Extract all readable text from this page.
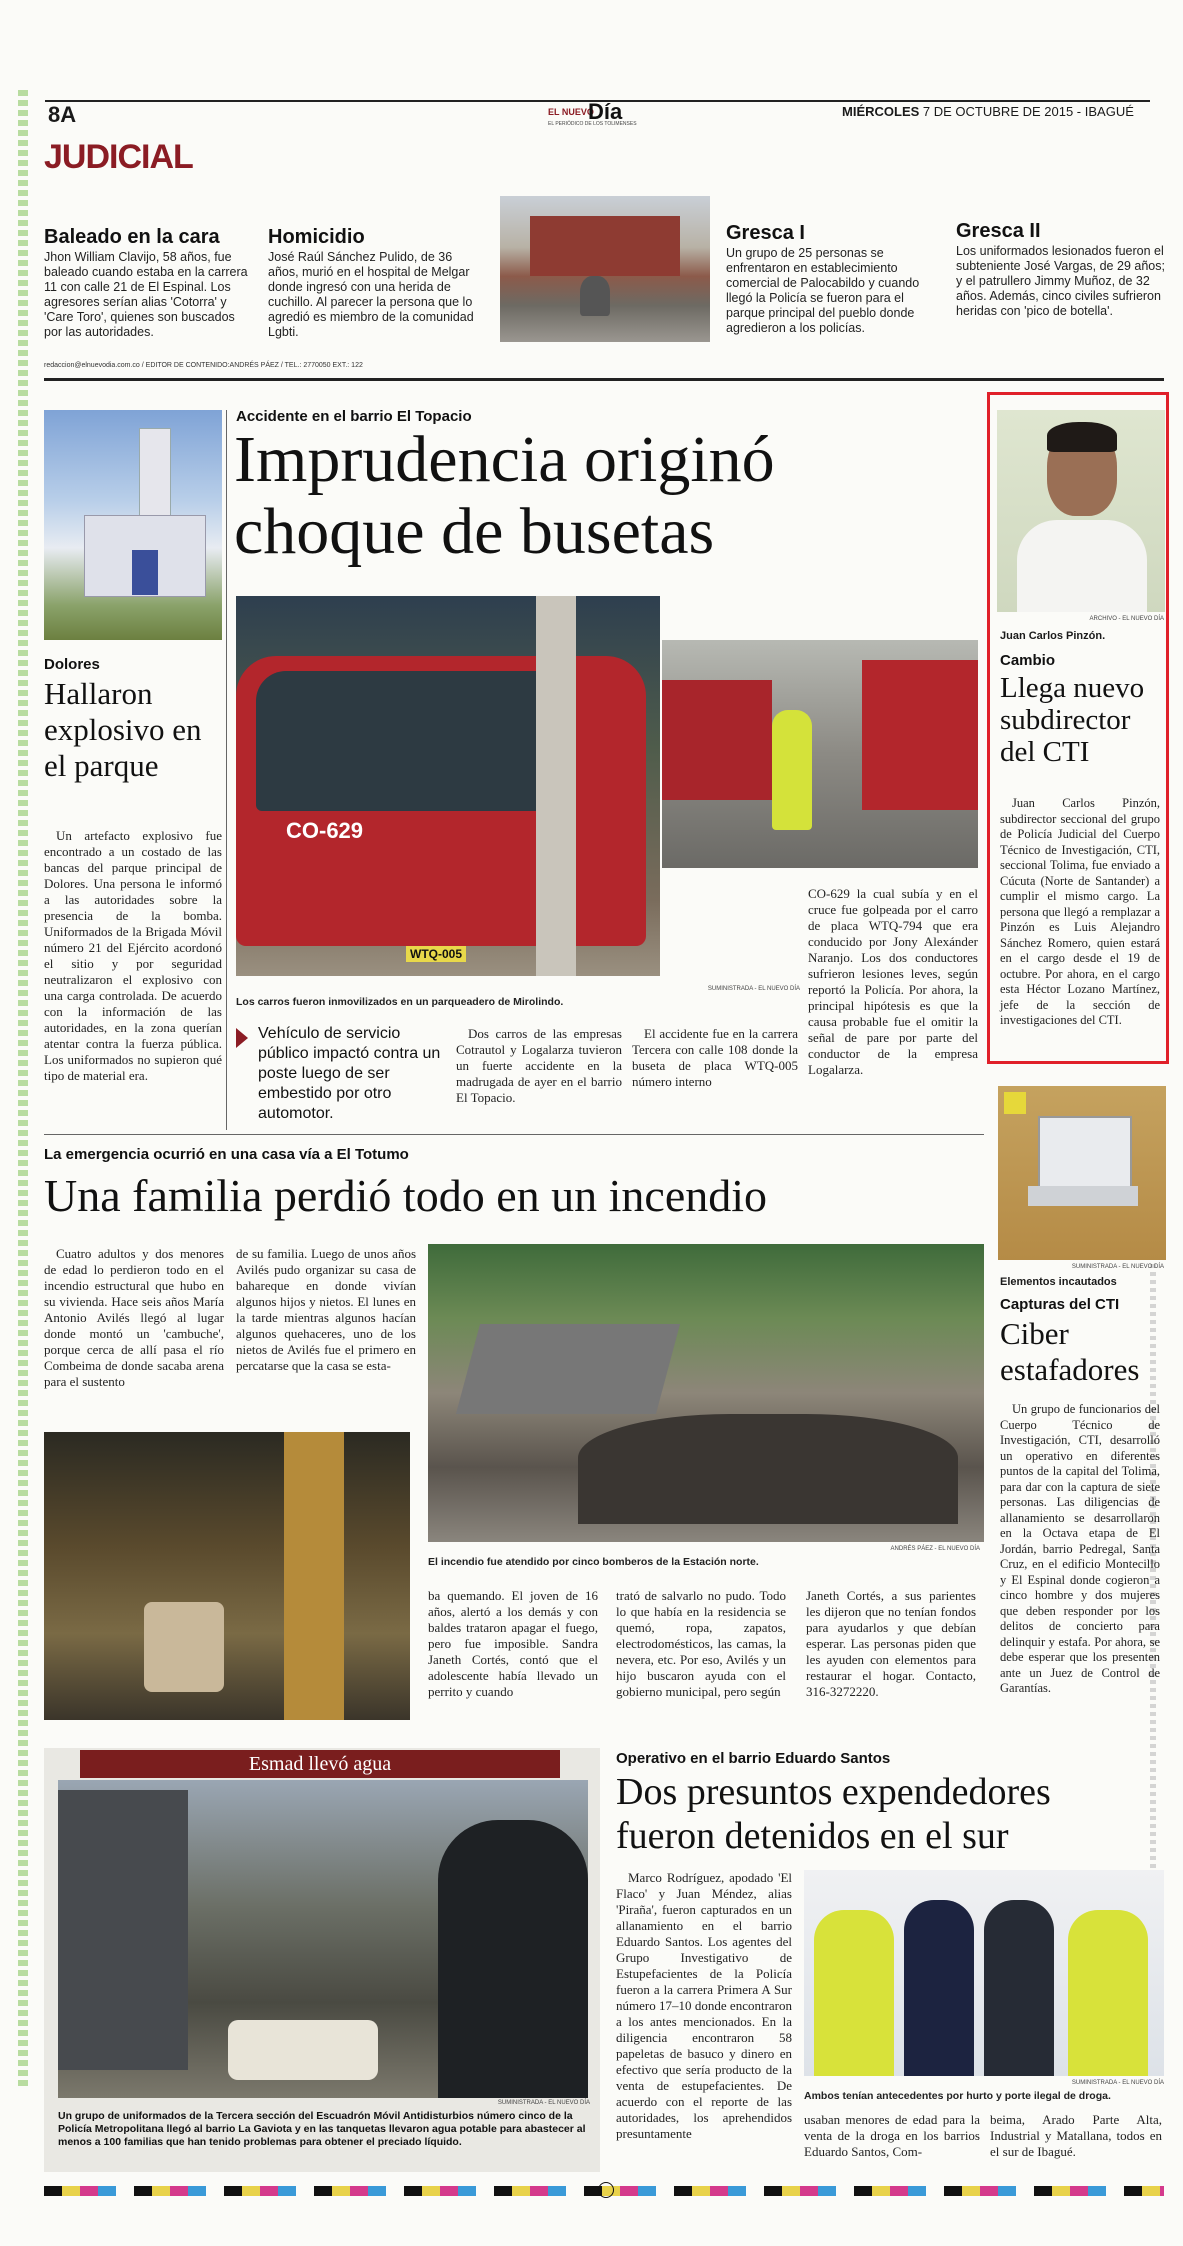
8A	EL NUEVO
Día
EL PERIÓDICO DE LOS TOLIMENSES
MIÉRCOLES 7 DE OCTUBRE DE 2015 - IBAGUÉ
JUDICIAL
Baleado en la cara
Jhon William Clavijo, 58 años, fue baleado cuando estaba en la carrera 11 con calle 21 de El Espinal. Los agresores serían alias 'Cotorra' y 'Care Toro', quienes son buscados por las autoridades.
Homicidio
José Raúl Sánchez Pulido, de 36 años, murió en el hospital de Melgar donde ingresó con una herida de cuchillo. Al parecer la persona que lo agredió es miembro de la comunidad Lgbti.
Gresca I
Un grupo de 25 personas se enfrentaron en establecimiento comercial de Palocabildo y cuando llegó la Policía se fueron para el parque principal del pueblo donde agredieron a los policías.
Gresca II
Los uniformados lesionados fueron el subteniente José Vargas, de 29 años; y el patrullero Jimmy Muñoz, de 32 años. Además, cinco civiles sufrieron heridas con 'pico de botella'.
redaccion@elnuevodia.com.co / EDITOR DE CONTENIDO:ANDRÉS PÁEZ / TEL.: 2770050 EXT.: 122
Dolores
Hallaron explosivo en el parque

Un artefacto explosivo fue encontrado a un costado de las bancas del parque principal de Dolores. Una persona le informó a las autoridades sobre la presencia de la bomba. Uniformados de la Brigada Móvil número 21 del Ejército acordonó el sitio y por seguridad neutralizaron el explosivo con una carga controlada. De acuerdo con la información de las autoridades, en la zona querían atentar contra la fuerza pública. Los uniformados no supieron qué tipo de material era.

Accidente en el barrio El Topacio
Imprudencia originó
choque de busetas
CO-629
WTQ-005

CO-629 la cual subía y en el cruce fue golpeada por el carro de placa WTQ-794 que era conducido por Jony Alexánder Naranjo. Los dos conductores sufrieron lesiones leves, según reportó la Policía. Por ahora, la principal hipótesis es que la causa probable fue el omitir la señal de pare por parte del conductor de la empresa Logalarza.

Los carros fueron inmovilizados en un parqueadero de Mirolindo.
SUMINISTRADA - EL NUEVO DÍA
Vehículo de servicio público impactó contra un poste luego de ser embestido por otro automotor.

Dos carros de las empresas Cotrautol y Logalarza tuvieron un fuerte accidente en la madrugada de ayer en el barrio El Topacio.

El accidente fue en la carrera Tercera con calle 108 donde la buseta de placa WTQ-005 número interno

ARCHIVO - EL NUEVO DÍA
Juan Carlos Pinzón.
Cambio
Llega nuevo subdirector del CTI

Juan Carlos Pinzón, subdirector seccional del grupo de Policía Judicial del Cuerpo Técnico de Investigación, CTI, seccional Tolima, fue enviado a Cúcuta (Norte de Santander) a cumplir el mismo cargo. La persona que llegó a remplazar a Pinzón es Luis Alejandro Sánchez Romero, quien estará en el cargo desde el 19 de octubre. Por ahora, en el cargo esta Héctor Lozano Martínez, jefe de la sección de investigaciones del CTI.

SUMINISTRADA - EL NUEVO DÍA
Elementos incautados
Capturas del CTI
Ciber estafadores

Un grupo de funcionarios del Cuerpo Técnico de Investigación, CTI, desarrolló un operativo en diferentes puntos de la capital del Tolima, para dar con la captura de siete personas. Las diligencias de allanamiento se desarrollaron en la Octava etapa de El Jordán, barrio Pedregal, Santa Cruz, en el edificio Montecillo y El Espinal donde cogieron a cinco hombre y dos mujeres que deben responder por los delitos de concierto para delinquir y estafa. Por ahora, se debe esperar que los presenten ante un Juez de Control de Garantías.

La emergencia ocurrió en una casa vía a El Totumo
Una familia perdió todo en un incendio

Cuatro adultos y dos menores de edad lo perdieron todo en el incendio estructural que hubo en su vivienda. Hace seis años María Antonio Avilés llegó al lugar donde montó un 'cambuche', porque cerca de allí pasa el río Combeima de donde sacaba arena para el sustento

de su familia. Luego de unos años Avilés pudo organizar su casa de bahareque en donde vivían algunos hijos y nietos. El lunes en la tarde mientras algunos hacían algunos quehaceres, uno de los nietos de Avilés fue el primero en percatarse que la casa se esta-

ANDRÉS PÁEZ - EL NUEVO DÍA
El incendio fue atendido por cinco bomberos de la Estación norte.

ba quemando. El joven de 16 años, alertó a los demás y con baldes trataron apagar el fuego, pero fue imposible. Sandra Janeth Cortés, contó que el adolescente había llevado un perrito y cuando

trató de salvarlo no pudo. Todo lo que había en la residencia se quemó, ropa, zapatos, electrodomésticos, las camas, la nevera, etc. Por eso, Avilés y un hijo buscaron ayuda con el gobierno municipal, pero según

Janeth Cortés, a sus parientes les dijeron que no tenían fondos para ayudarlos y que debían esperar. Las personas piden que les ayuden con elementos para restaurar el hogar. Contacto, 316-3272220.

Esmad llevó agua
SUMINISTRADA - EL NUEVO DÍA
Un grupo de uniformados de la Tercera sección del Escuadrón Móvil Antidisturbios número cinco de la Policía Metropolitana llegó al barrio La Gaviota y en las tanquetas llevaron agua potable para abastecer al menos a 100 familias que han tenido problemas para obtener el preciado líquido.
Operativo en el barrio Eduardo Santos
Dos presuntos expendedores
fueron detenidos en el sur

Marco Rodríguez, apodado 'El Flaco' y Juan Méndez, alias 'Piraña', fueron capturados en un allanamiento en el barrio Eduardo Santos. Los agentes del Grupo Investigativo de Estupefacientes de la Policía fueron a la carrera Primera A Sur número 17–10 donde encontraron a los antes mencionados. En la diligencia encontraron 58 papeletas de basuco y dinero en efectivo que sería producto de la venta de estupefacientes. De acuerdo con el reporte de las autoridades, los aprehendidos presuntamente

SUMINISTRADA - EL NUEVO DÍA
Ambos tenían antecedentes por hurto y porte ilegal de droga.

usaban menores de edad para la venta de la droga en los barrios Eduardo Santos, Com-

beima, Arado Parte Alta, Industrial y Matallana, todos en el sur de Ibagué.
